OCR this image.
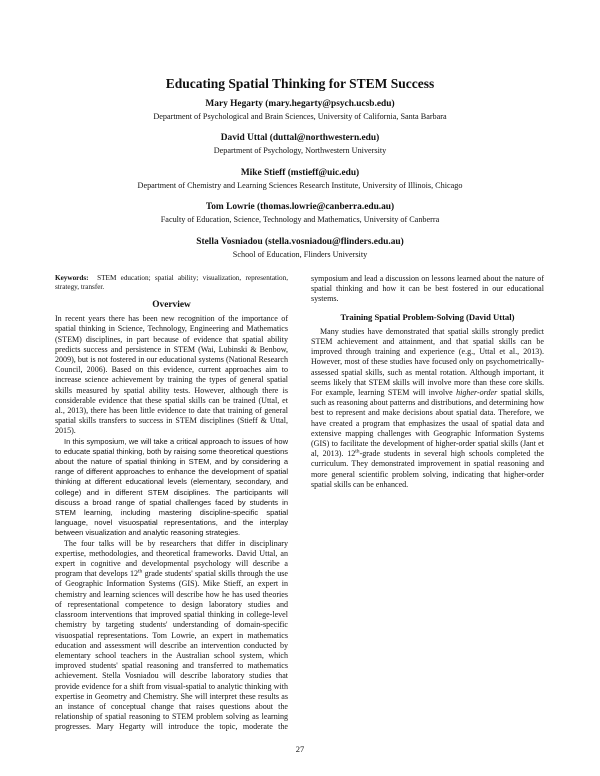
Educating Spatial Thinking for STEM Success

Mary Hegarty (mary.hegarty@psych.ucsb.edu)

Department of Psychological and Brain Sciences, University of California, Santa Barbara

David Uttal (duttal@northwestern.edu)

Department of Psychology, Northwestern University

Mike Stieff (mstieff@uic.edu)

Department of Chemistry and Learning Sciences Research Institute, University of Illinois, Chicago

Tom Lowrie (thomas.lowrie@canberra.edu.au)

Faculty of Education, Science, Technology and Mathematics, University of Canberra

Stella Vosniadou (stella.vosniadou@flinders.edu.au)

School of Education, Flinders University

Keywords: STEM education; spatial ability; visualization, representation, strategy, transfer.

Overview

In recent years there has been new recognition of the importance of spatial thinking in Science, Technology, Engineering and Mathematics (STEM) disciplines, in part because of evidence that spatial ability predicts success and persistence in STEM (Wai, Lubinski & Benbow, 2009), but is not fostered in our educational systems (National Research Council, 2006). Based on this evidence, current approaches aim to increase science achievement by training the types of general spatial skills measured by spatial ability tests. However, although there is considerable evidence that these spatial skills can be trained (Uttal, et al., 2013), there has been little evidence to date that training of general spatial skills transfers to success in STEM disciplines (Stieff & Uttal, 2015).

In this symposium, we will take a critical approach to issues of how to educate spatial thinking, both by raising some theoretical questions about the nature of spatial thinking in STEM, and by considering a range of different approaches to enhance the development of spatial thinking at different educational levels (elementary, secondary, and college) and in different STEM disciplines. The participants will discuss a broad range of spatial challenges faced by students in STEM learning, including mastering discipline-specific spatial language, novel visuospatial representations, and the interplay between visualization and analytic reasoning strategies.

The four talks will be by researchers that differ in disciplinary expertise, methodologies, and theoretical frameworks. David Uttal, an expert in cognitive and developmental psychology will describe a program that develops 12th grade students' spatial skills through the use of Geographic Information Systems (GIS). Mike Stieff, an expert in chemistry and learning sciences will describe how he has used theories of representational competence to design laboratory studies and classroom interventions that improved spatial thinking in college-level chemistry by targeting students' understanding of domain-specific visuospatial representations. Tom Lowrie, an expert in mathematics education and assessment will describe an intervention conducted by elementary school teachers in the Australian school system, which improved students' spatial reasoning and transferred to mathematics achievement. Stella Vosniadou will describe laboratory studies that provide evidence for a shift from visual-spatial to analytic thinking with expertise in Geometry and Chemistry. She will interpret these results as an instance of conceptual change that raises questions about the relationship of spatial reasoning to STEM problem solving as learning progresses. Mary Hegarty will introduce the topic, moderate the

symposium and lead a discussion on lessons learned about the nature of spatial thinking and how it can be best fostered in our educational systems.

Training Spatial Problem-Solving (David Uttal)

Many studies have demonstrated that spatial skills strongly predict STEM achievement and attainment, and that spatial skills can be improved through training and experience (e.g., Uttal et al., 2013). However, most of these studies have focused only on psychometrically-assessed spatial skills, such as mental rotation. Although important, it seems likely that STEM skills will involve more than these core skills. For example, learning STEM will involve higher-order spatial skills, such as reasoning about patterns and distributions, and determining how best to represent and make decisions about spatial data. Therefore, we have created a program that emphasizes the usaal of spatial data and extensive mapping challenges with Geographic Information Systems (GIS) to facilitate the development of higher-order spatial skills (Jant et al, 2013). 12th-grade students in several high schools completed the curriculum. They demonstrated improvement in spatial reasoning and more general scientific problem solving, indicating that higher-order spatial skills can be enhanced.

27
